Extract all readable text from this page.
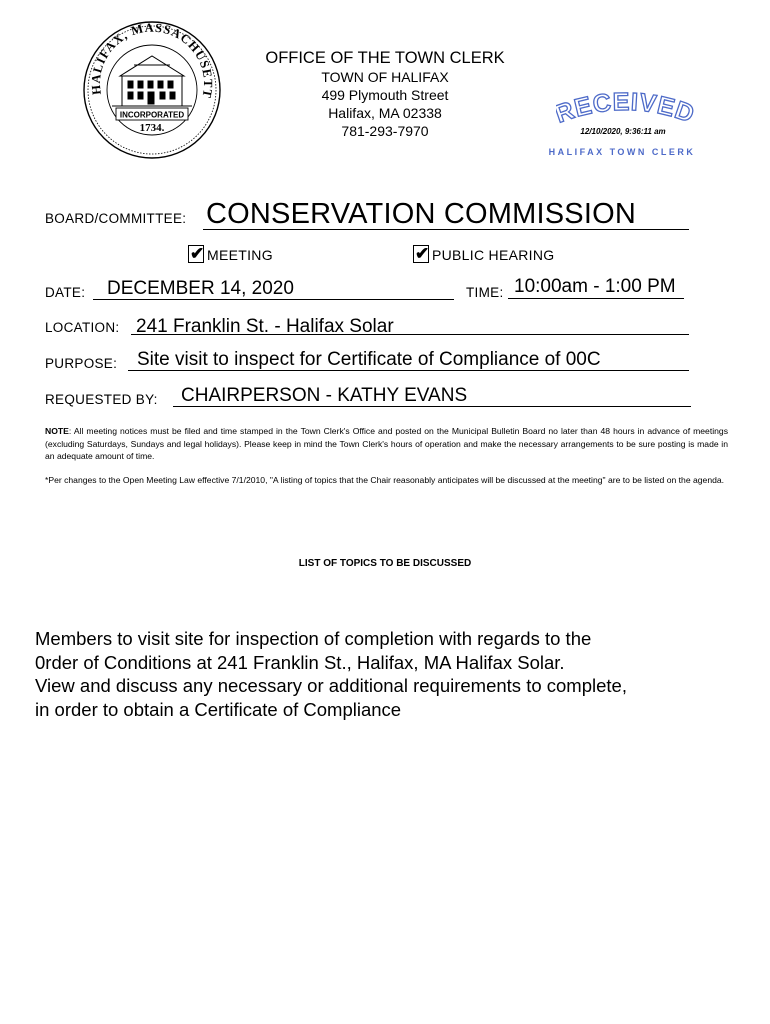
HALIFAX, MASSACHUSETT
INCORPORATED
1734.
OFFICE OF THE TOWN CLERK
TOWN OF HALIFAX
499 Plymouth Street
Halifax, MA 02338
781-293-7970
ECEIVE
12/10/2020, 9:36:11 am
HALIFAX TOWN CLERK
BOARD/COMMITTEE: CONSERVATION COMMISSION
✔ MEETING	✔ PUBLIC HEARING
DATE: DECEMBER 14, 2020	TIME: 10:00am - 1:00 PM
LOCATION: 241 Franklin St. - Halifax Solar
PURPOSE: Site visit to inspect for Certificate of Compliance of 00C
REQUESTED BY: CHAIRPERSON - KATHY EVANS
NOTE: All meeting notices must be filed and time stamped in the Town Clerk's Office and posted on the Municipal Bulletin Board no later than 48 hours in advance of meetings (excluding Saturdays, Sundays and legal holidays). Please keep in mind the Town Clerk's hours of operation and make the necessary arrangements to be sure posting is made in an adequate amount of time.
*Per changes to the Open Meeting Law effective 7/1/2010, "A listing of topics that the Chair reasonably anticipates will be discussed at the meeting" are to be listed on the agenda.
LIST OF TOPICS TO BE DISCUSSED
Members to visit site for inspection of completion with regards to the
0rder of Conditions at 241 Franklin St., Halifax, MA Halifax Solar.
View and discuss any necessary or additional requirements to complete,
in order to obtain a Certificate of Compliance
